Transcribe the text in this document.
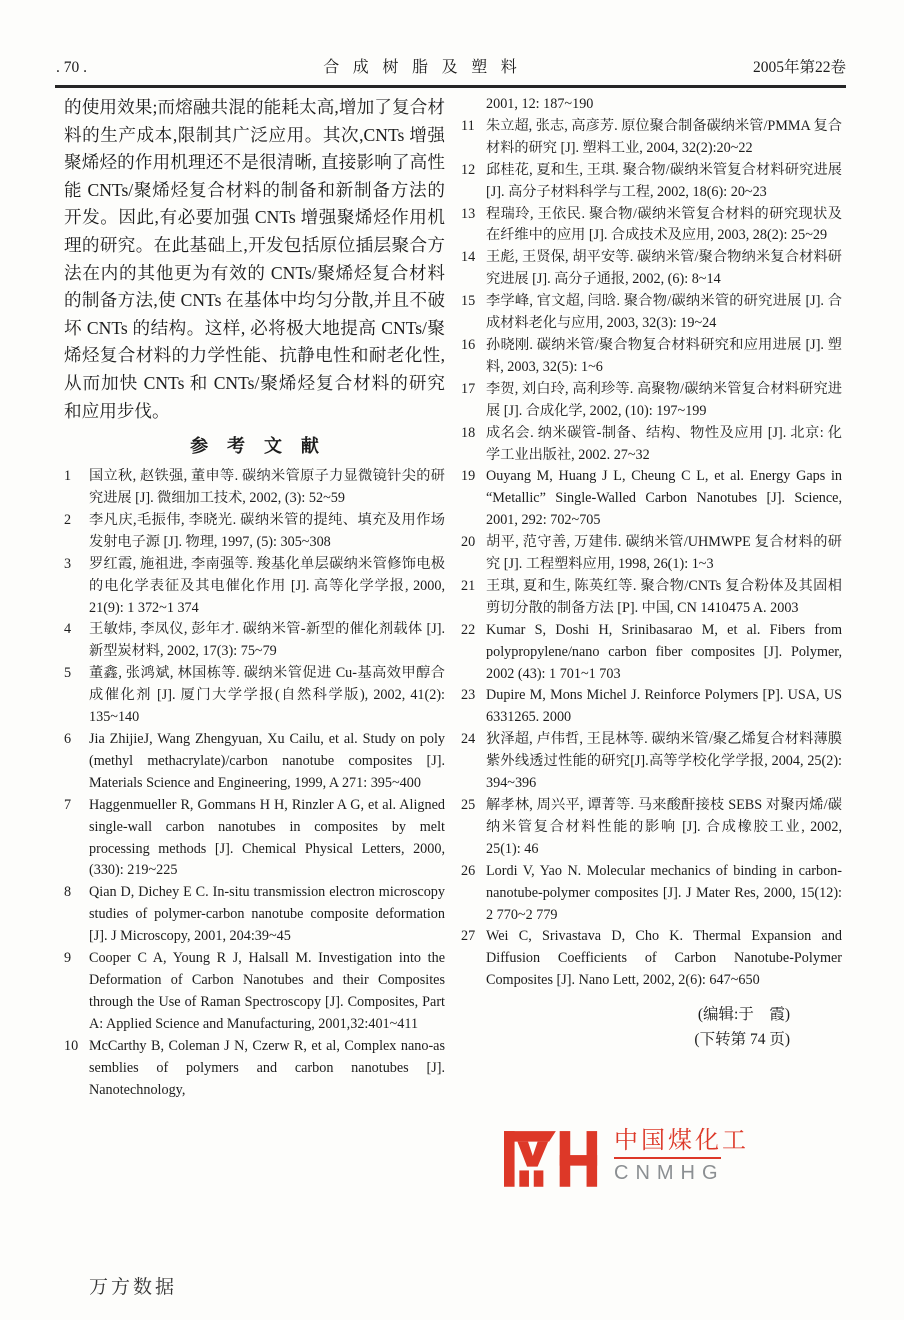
. 70 .	合成树脂及塑料	2005年第22卷

的使用效果;而熔融共混的能耗太高,增加了复合材料的生产成本,限制其广泛应用。其次,CNTs 增强聚烯烃的作用机理还不是很清晰, 直接影响了高性能 CNTs/聚烯烃复合材料的制备和新制备方法的开发。因此,有必要加强 CNTs 增强聚烯烃作用机理的研究。在此基础上,开发包括原位插层聚合方法在内的其他更为有效的 CNTs/聚烯烃复合材料的制备方法,使 CNTs 在基体中均匀分散,并且不破坏 CNTs 的结构。这样, 必将极大地提高 CNTs/聚烯烃复合材料的力学性能、抗静电性和耐老化性,从而加快 CNTs 和 CNTs/聚烯烃复合材料的研究和应用步伐。

参考文献
1	国立秋, 赵铁强, 董申等. 碳纳米管原子力显微镜针尖的研究进展 [J]. 微细加工技术, 2002, (3): 52~59
2	李凡庆,毛振伟, 李晓光. 碳纳米管的提纯、填充及用作场发射电子源 [J]. 物理, 1997, (5): 305~308
3	罗红霞, 施祖进, 李南强等. 羧基化单层碳纳米管修饰电极的电化学表征及其电催化作用 [J]. 高等化学学报, 2000, 21(9): 1 372~1 374
4	王敏炜, 李凤仪, 彭年才. 碳纳米管-新型的催化剂载体 [J]. 新型炭材料, 2002, 17(3): 75~79
5	董鑫, 张鸿斌, 林国栋等. 碳纳米管促进 Cu-基高效甲醇合成催化剂 [J]. 厦门大学学报(自然科学版), 2002, 41(2): 135~140
6	Jia ZhijieJ, Wang Zhengyuan, Xu Cailu, et al. Study on poly (methyl methacrylate)/carbon nanotube composites [J]. Materials Science and Engineering, 1999, A 271: 395~400
7	Haggenmueller R, Gommans H H, Rinzler A G, et al. Aligned single-wall carbon nanotubes in composites by melt processing methods [J]. Chemical Physical Letters, 2000, (330): 219~225
8	Qian D, Dichey E C. In-situ transmission electron microscopy studies of polymer-carbon nanotube composite deformation [J]. J Microscopy, 2001, 204:39~45
9	Cooper C A, Young R J, Halsall M. Investigation into the Deformation of Carbon Nanotubes and their Composites through the Use of Raman Spectroscopy [J]. Composites, Part A: Applied Science and Manufacturing, 2001,32:401~411
10 McCarthy B, Coleman J N, Czerw R, et al, Complex nano-as semblies of polymers and carbon nanotubes [J]. Nanotechnology,
2001, 12: 187~190
11 朱立超, 张志, 高彦芳. 原位聚合制备碳纳米管/PMMA 复合材料的研究 [J]. 塑料工业, 2004, 32(2):20~22
12 邱桂花, 夏和生, 王琪. 聚合物/碳纳米管复合材料研究进展 [J]. 高分子材料科学与工程, 2002, 18(6): 20~23
13 程瑞玲, 王依民. 聚合物/碳纳米管复合材料的研究现状及在纤维中的应用 [J]. 合成技术及应用, 2003, 28(2): 25~29
14 王彪, 王贤保, 胡平安等. 碳纳米管/聚合物纳米复合材料研究进展 [J]. 高分子通报, 2002, (6): 8~14
15 李学峰, 官文超, 闫晗. 聚合物/碳纳米管的研究进展 [J]. 合成材料老化与应用, 2003, 32(3): 19~24
16 孙晓刚. 碳纳米管/聚合物复合材料研究和应用进展 [J]. 塑料, 2003, 32(5): 1~6
17 李贺, 刘白玲, 高利珍等. 高聚物/碳纳米管复合材料研究进展 [J]. 合成化学, 2002, (10): 197~199
18 成名会. 纳米碳管-制备、结构、物性及应用 [J]. 北京: 化学工业出版社, 2002. 27~32
19 Ouyang M, Huang J L, Cheung C L, et al. Energy Gaps in “Metallic” Single-Walled Carbon Nanotubes [J]. Science, 2001, 292: 702~705
20 胡平, 范守善, 万建伟. 碳纳米管/UHMWPE 复合材料的研究 [J]. 工程塑料应用, 1998, 26(1): 1~3
21 王琪, 夏和生, 陈英红等. 聚合物/CNTs 复合粉体及其固相剪切分散的制备方法 [P]. 中国, CN 1410475 A. 2003
22 Kumar S, Doshi H, Srinibasarao M, et al. Fibers from polypropylene/nano carbon fiber composites [J]. Polymer, 2002 (43): 1 701~1 703
23 Dupire M, Mons Michel J. Reinforce Polymers [P]. USA, US 6331265. 2000
24 狄泽超, 卢伟哲, 王昆林等. 碳纳米管/聚乙烯复合材料薄膜紫外线透过性能的研究[J].高等学校化学学报, 2004, 25(2): 394~396
25 解孝林, 周兴平, 谭菁等. 马来酸酐接枝 SEBS 对聚丙烯/碳纳米管复合材料性能的影响 [J]. 合成橡胶工业, 2002, 25(1): 46
26 Lordi V, Yao N. Molecular mechanics of binding in carbon-nanotube-polymer composites [J]. J Mater Res, 2000, 15(12): 2 770~2 779
27 Wei C, Srivastava D, Cho K. Thermal Expansion and Diffusion Coefficients of Carbon Nanotube-Polymer Composites [J]. Nano Lett, 2002, 2(6): 647~650
(编辑:于　霞)
(下转第 74 页)
中国煤化工
CNMHG
万方数据
